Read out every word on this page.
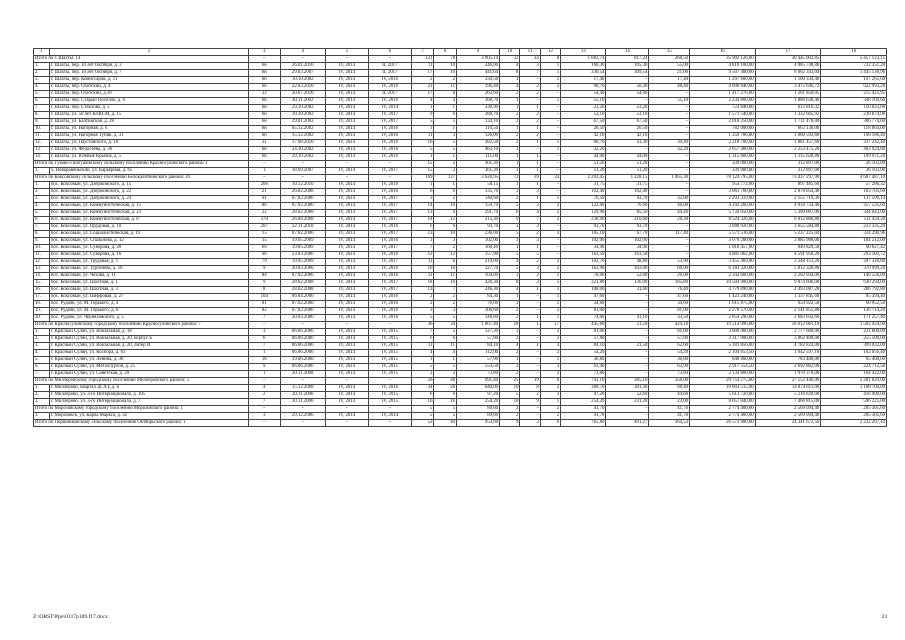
1	2	3	4	5	6	7	8	9	10	11	12	13	14	15	16	17	18
Итого по г. Шахты: 14		–	–	–	–	121	78	3 905,14	32	24	8	1 083,74	817,24	268,50	35 902 126,00	30 445 002,85	5 457 123,15
1.	г. Шахты, пер. 10 лет Октября, д. 3	6н	26.01.2010	IV, 2014	II, 2017	11	10	246,00	4	3	1	160,30	105,30	55,00	4 818 100,00	4 085 748,80	732 351,20
2.	г. Шахты, пер. 10 лет Октября, д. 7	6н	29.03.2007	IV, 2014	II, 2017	17	16	441,64	8	7	1	330,54	309,54	21,00	9 507 400,00	8 062 343,04	1 445 136,96
3.	г. Шахты, пер. Комиссаров, д. 11	6н	10.10.2002	IV, 2014	IV, 2016	2	2	334,50	1	–	1	17,40	–	17,40	1 297 600,00	1 100 334,40	197 265,60
4.	г. Шахты, пер. Охотский, д. 4	6н	22.03.2010	IV, 2014	IV, 2016	21	11	196,40	4	2	2	98,70	50,30	48,40	4 098 640,00	3 475 646,72	622 993,28
5.	г. Шахты, пер. Охотский, д.18	22	20.07.2010	IV, 2014	II, 2017	17	8	262,60	2	2	–	54,40	54,40	–	1 417 276,00	1 201 850,05	215 425,95
6.	г. Шахты, пер. Старый Поселок, д. 6	6н	30.11.2002	IV, 2014	IV, 2016	4	4	368,70	1	–	1	55,10	–	55,10	2 234 800,00	1 886 630,40	348 169,60
7.	г. Шахты, пер. Стеклова, д. 5	6н	29.10.2002	IV, 2014	IV, 2014	1	1	338,90	1	1	–	23,20	23,20	–	723 840,00	613 816,32	110 023,68
8.	г. Шахты, ул. 50 лет ВЛКСМ, д. 15	6н	10.10.2002	IV, 2014	IV, 2017	9	6	389,70	2	2	–	53,10	53,10	–	1 571 540,00	1 332 665,92	238 874,08
9.	г. Шахты, ул. Балтийская, д. 28	6н	29.01.2003	IV, 2014	IV, 2017	5	5	134,10	2	2	–	67,50	67,50	–	2 018 250,00	1 711 476,00	306 774,00
10.	г. Шахты, ул. Нагорная, д. 6	6н	05.12.2002	IV, 2014	IV, 2016	1	1	110,50	1	1	–	26,50	26,50	–	782 000,00	663 136,00	118 864,00
11.	г. Шахты, ул. Нагорная Тупик, д. 31	6н	15.12.2002	IV, 2014	IV, 2016	11	3	126,00	2	2	–	42,10	42,10	–	1 250 786,00	1 060 593,60	190 186,40
12.	г. Шахты, ул. Паустовского, д. 18	31	17.08.2010	IV, 2014	IV, 2016	16	5	382,50	2	1	1	80,70	41,30	39,40	2 218 700,00	1 881 457,60	337 242,40
13.	г. Шахты, ул. Федосеева, д. 36	6н	24.10.2002	IV, 2014	IV, 2016	5	5	463,10	1	–	1	32,20	–	32,20	2 657 400,00	2 253 475,20	403 924,80
14.	г. Шахты, ул. Южные Крылья, д. 5	6н	29.10.2002	IV, 2014	IV, 2016	1	1	111,00	1	1	–	44,00	44,00	–	1 315 600,00	1 115 628,80	199 971,20
Итого по Гуково-Гнилушевскому сельскому поселению Красносулинского района: 1		–	–	–	–	15	2	361,30	1	1	–	51,20	51,20	–	339 000,00	312 897,00	26 103,00
1.	х. Новоровеньский, ул. Карьерная, д. 65	1	18.09.2007	IV, 2014	IV, 2017	15	2	361,30	1	1	–	51,20	51,20	–	339 000,00	312 897,00	26 103,00
Итого по Коксовскому сельскому поселению Белокалитвинского района: 20		–	–	–	–	169	137	3 626,95	72	39	33	2 293,45	1 228,15	1 065,30	78 124 795,00	73 437 297,90	4 687 487,10
1.	пос. Коксовый, ул. Дзержинского, д. 15	206	10.12.2010	IV, 2014	IV, 2016	1	1	58,15	1	1	–	31,75	31,75	–	954 772,00	897 485,68	57 286,32
2.	пос. Коксовый, ул. Дзержинского, д. 22	21	26.02.2008	IV, 2014	IV, 2016	6	6	135,70	3	3	–	102,40	102,40	–	3 061 760,00	2 878 054,40	183 705,60
3.	пос. Коксовый, ул. Дзержинского, д. 24	91	07.02.2006	IV, 2014	IV, 2017	3	2	140,60	2	1	1	76,50	43,70	32,80	2 293 319,80	2 155 719,36	137 599,14
4.	пос. Коксовый, ул. Коммунистическая, д. 15	86	07.02.2006	IV, 2014	IV, 2017	14	10	159,70	5	3	2	122,60	76,60	46,00	4 292 260,00	4 034 724,40	257 535,60
5.	пос. Коксовый, ул. Коммунистическая, д. 23	22	28.02.2008	IV, 2014	IV, 2017	13	9	291,70	6	4	2	129,90	85,50	44,40	5 734 050,00	5 390 007,00	344 043,00
6.	пос. Коксовый, ул. Коммунистическая, д. 8	370	26.08.2008	IV, 2014	IV, 2017	14	12	315,30	9	7	2	238,90	210,60	28,30	8 524 326,00	8 012 866,80	511 459,20
7.	пос. Коксовый, ул. Прудовая, д. 10	207	22.11.2010	IV, 2014	IV, 2016	6	6	93,70	3	3	–	93,70	93,70	–	3 888 920,00	3 655 584,80	233 335,20
8.	пос. Коксовый, ул. Социалистическая, д. 19	15	07.02.2006	IV, 2014	IV, 2017	13	10	236,00	5	2	3	185,10	67,70	117,40	5 571 516,00	5 237 225,04	334 290,96
9.	пос. Коксовый, ул. Спальнова, д. 12	15	19.05.2009	IV, 2014	IV, 2016	3	3	102,00	3	3	–	102,00	102,00	–	3 070 200,00	2 885 988,00	184 212,00
10.	пос. Коксовый, ул. Суворова, д. 20	69	19.05.2009	IV, 2014	IV, 2017	7	2	160,40	1	1	–	34,90	34,90	–	1 010 457,00	949 829,58	60 627,42
11.	пос. Коксовый, ул. Суворова, д. 16	98	23.03.2006	IV, 2014	IV, 2016	12	12	157,90	5	5	–	163,50	163,50	–	4 885 062,00	4 591 958,28	293 103,72
12.	пос. Коксовый, ул. Трудовая, д. 1	79	19.05.2009	IV, 2014	IV, 2017	11	6	219,00	4	2	2	102,70	48,80	53,90	3 455 469,00	3 248 151,20	207 328,80
13.	пос. Коксовый, ул. Тургенева, д. 16	9	20.03.2006	IV, 2014	IV, 2016	10	10	327,70	5	3	2	162,90	102,00	60,90	6 183 320,00	5 812 320,80	370 999,20
14.	пос. Коксовый, ул. Чехова, д. 11	84	07.02.2006	IV, 2014	IV, 2016	11	11	104,00	3	2	1	78,00	52,00	26,00	2 342 600,00	2 202 044,00	140 556,00
15.	пос. Коксовый, ул. Шахтная, д. 1	9	28.02.2008	IV, 2014	IV, 2017	18	16	428,30	8	3	5	321,80	136,00	185,80	10 504 900,00	9 874 606,00	630 294,00
16.	пос. Коксовый, ул. Шахтная, д. 3	8	28.02.2008	IV, 2014	IV, 2017	13	7	246,30	4	1	3	108,00	31,60	76,40	4 779 890,00	4 493 087,20	286 792,80
17.	пос. Коксовый, ул. Шерфовая, д. 27	104	06.04.2006	IV, 2014	IV, 2016	2	2	84,30	1	–	1	47,60	–	47,60	1 423 240,00	1 337 845,60	85 394,40
18.	пос. Рудачи, ул. М. Горького, д. 4	81	07.02.2006	IV, 2014	IV, 2016	2	2	76,60	1	–	1	34,60	–	34,60	1 015 875,00	954 922,50	60 952,50
19.	пос. Рудачи, ул. М. Горького, д. 6	82	07.02.2006	IV, 2014	IV, 2016	3	3	106,60	2	–	2	81,00	–	81,00	2 278 570,00	2 141 855,80	136 714,20
20.	пос. Рудачи, ул. Черняховского, д. 5	7	20.03.2006	IV, 2014	IV, 2016	5	5	148,80	2	1	1	74,60	41,10	33,50	2 854 290,00	2 683 032,60	171 257,40
Итого по Красносулинскому городскому поселению Красносулинского района: 7		–	–	–	–	36	34	1 067,40	18	1	17	445,60	21,50	424,10	19 514 996,00	18 012 061,10	1 502 924,90
1.	г. Красный Сулин, ул. Вокзальная, д. 18	3	06.06.2006	IV, 2014	IV, 2015	7	5	127,30	3	–	3	81,00	–	81,00	3 009 400,00	2 777 600,00	231 800,00
2.	г. Красный Сулин, ул. Вокзальная, д. 20, корпус Б	6	06.06.2006	IV, 2014	IV, 2015	6	6	57,80	3	–	3	57,80	–	57,80	3 317 900,00	3 062 400,00	255 500,00
3.	г. Красный Сулин, ул. Вокзальная, д. 20, литер И	7	06.06.2006	IV, 2014	IV, 2015	11	11	84,10	4	1	3	84,10	21,50	62,60	5 181 856,00	4 782 824,00	399 032,00
4.	г. Красный Сулин, ул. Коспора, д. 63	1	06.06.2006	IV, 2014	IV, 2015	4	4	112,00	2	–	2	54,20	–	54,20	2 104 653,50	1 942 597,10	162 056,40
5.	г. Красный Сулин, ул. Ленина, д. 36	18	19.06.2006	IV, 2014	IV, 2015	1	1	57,90	1	–	1	36,80	–	36,80	848 800,00	783 400,00	65 400,00
6.	г. Красный Сулин, ул. Металлургов, д. 25	9	06.06.2006	IV, 2014	IV, 2015	5	5	554,50	3	–	3	63,90	–	63,90	2 917 554,50	2 692 862,00	224 712,50
7.	г. Красный Сулин, ул. Советская, д. 29	1	20.11.2008	IV, 2014	IV, 2015	2	2	73,80	2	–	2	73,80	–	73,80	2 134 800,00	1 970 378,00	164 422,00
Итого по Миллеровскому городскому поселению Миллеровского района: 3		–	–	–	–	56	48	991,40	25	19	6	741,10	385,10	356,00	29 754 275,00	27 552 446,00	2 201 829,00
1.	г. Миллерово, квартал ДСХТ, д. 6	4	15.12.2008	IV, 2014	IV, 2016	34	26	640,00	10	8	2	389,70	301,30	88,40	16 003 515,00	14 874 811,00	1 188 704,00
2.	г. Миллерово, ул. 3-го Интернационала, д. 105	2	20.11.2006	IV, 2014	IV, 2015	6	6	97,20	5	2	3	97,20	52,60	44,60	5 613 720,00	5 216 820,00	416 900,00
3.	г. Миллерово, ул. 3-го Интернационала, д. 7	7	20.11.2006	IV, 2014	IV, 2015	16	16	254,20	10	9	1	254,20	231,20	23,00	8 057 040,00	7 460 815,00	596 225,00
Итого по Морозовскому городскому поселению Морозовского района: 1		–	–	–	–	5	5	89,60	2	–	2	41,70	–	41,70	2 774 400,00	2 569 094,40	205 305,60
1.	г. Морозовск, ул. Карла Маркса, д. 32	3	29.12.2006	IV, 2014	IV, 2014	5	5	89,60	2	–	2	41,70	–	41,70	2 774 400,00	2 569 094,40	205 305,60
Итого по Поршинковскому сельскому поселению Октябрьского района: 1		–	–	–	–	53	40	953,60	9	3	6	765,80	401,27	364,53	26 573 880,00	24 341 672,56	2 232 207,44
Z:\ORST\Ppo\0317p189.f17.docx	23
